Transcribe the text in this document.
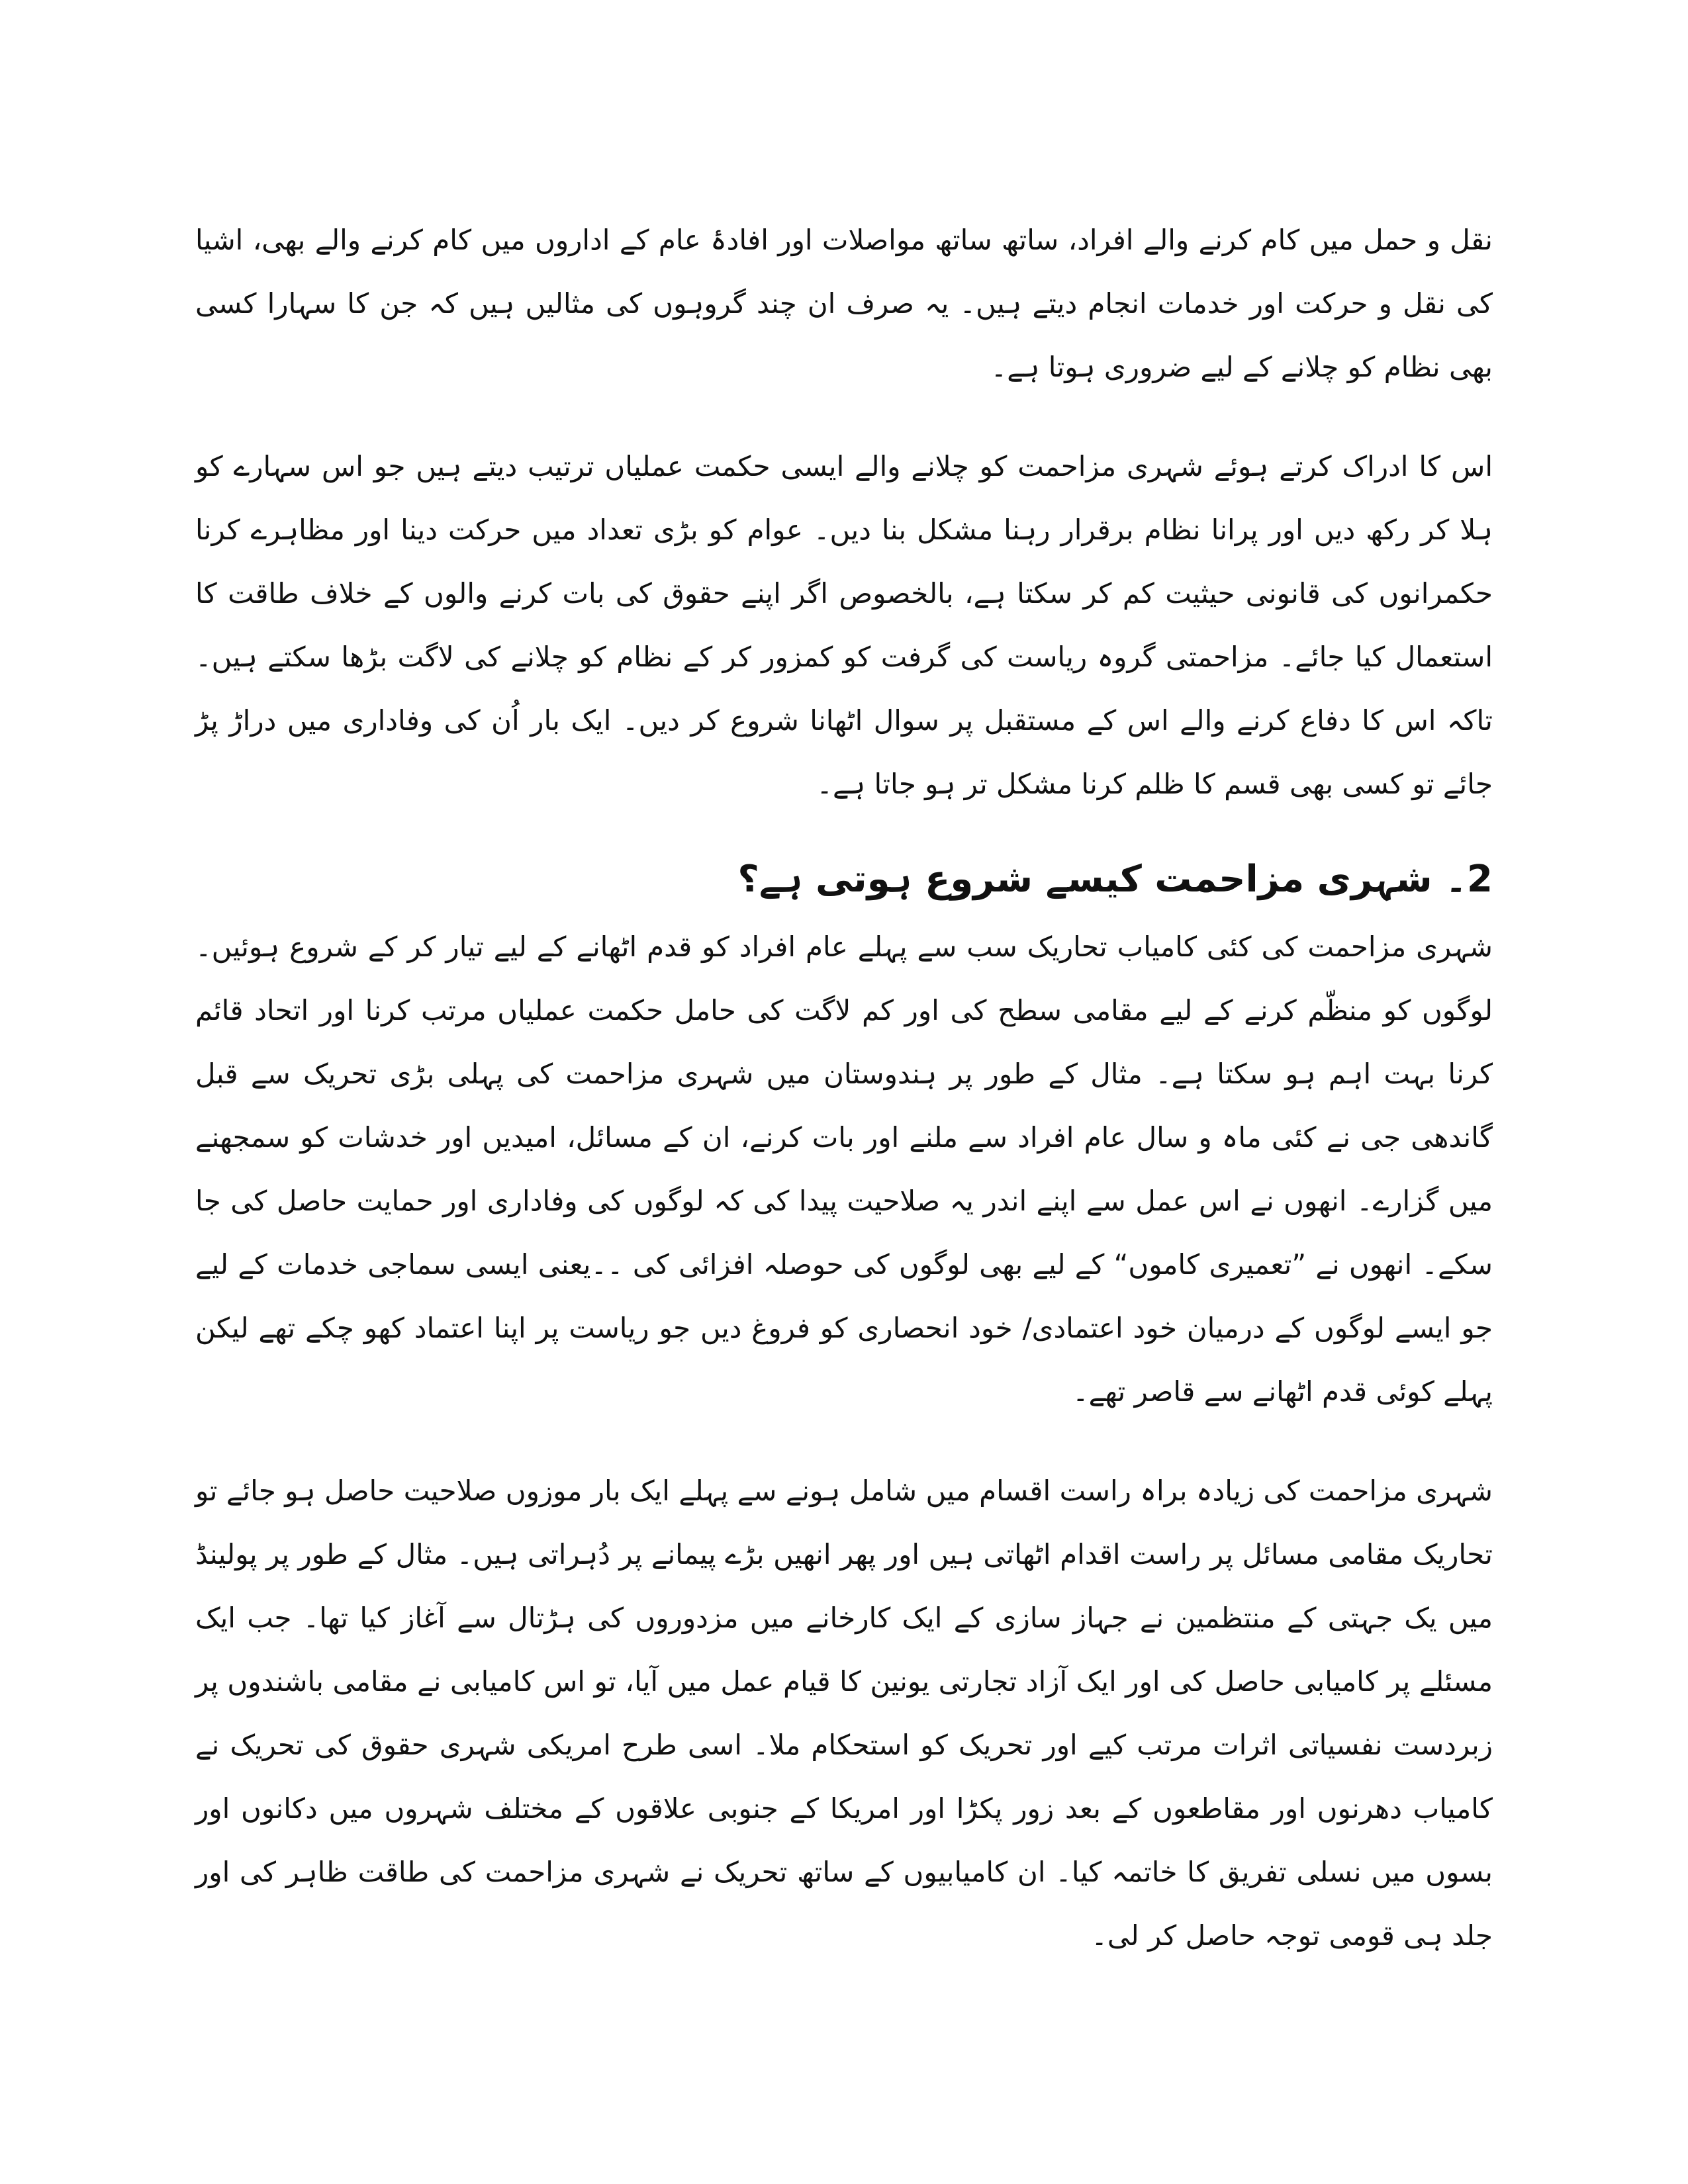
نقل و حمل میں کام کرنے والے افراد، ساتھ ساتھ مواصلات اور افادۂ عام کے اداروں میں کام کرنے والے بھی، اشیا کی نقل و حرکت اور خدمات انجام دیتے ہیں۔ یہ صرف ان چند گروہوں کی مثالیں ہیں کہ جن کا سہارا کسی بھی نظام کو چلانے کے لیے ضروری ہوتا ہے۔

اس کا ادراک کرتے ہوئے شہری مزاحمت کو چلانے والے ایسی حکمت عملیاں ترتیب دیتے ہیں جو اس سہارے کو ہلا کر رکھ دیں اور پرانا نظام برقرار رہنا مشکل بنا دیں۔ عوام کو بڑی تعداد میں حرکت دینا اور مظاہرے کرنا حکمرانوں کی قانونی حیثیت کم کر سکتا ہے، بالخصوص اگر اپنے حقوق کی بات کرنے والوں کے خلاف طاقت کا استعمال کیا جائے۔ مزاحمتی گروہ ریاست کی گرفت کو کمزور کر کے نظام کو چلانے کی لاگت بڑھا سکتے ہیں۔ تاکہ اس کا دفاع کرنے والے اس کے مستقبل پر سوال اٹھانا شروع کر دیں۔ ایک بار اُن کی وفاداری میں دراڑ پڑ جائے تو کسی بھی قسم کا ظلم کرنا مشکل تر ہو جاتا ہے۔

2۔ شہری مزاحمت کیسے شروع ہوتی ہے؟

شہری مزاحمت کی کئی کامیاب تحاریک سب سے پہلے عام افراد کو قدم اٹھانے کے لیے تیار کر کے شروع ہوئیں۔ لوگوں کو منظّم کرنے کے لیے مقامی سطح کی اور کم لاگت کی حامل حکمت عملیاں مرتب کرنا اور اتحاد قائم کرنا بہت اہم ہو سکتا ہے۔ مثال کے طور پر ہندوستان میں شہری مزاحمت کی پہلی بڑی تحریک سے قبل گاندھی جی نے کئی ماہ و سال عام افراد سے ملنے اور بات کرنے، ان کے مسائل، امیدیں اور خدشات کو سمجھنے میں گزارے۔ انھوں نے اس عمل سے اپنے اندر یہ صلاحیت پیدا کی کہ لوگوں کی وفاداری اور حمایت حاصل کی جا سکے۔ انھوں نے ”تعمیری کاموں“ کے لیے بھی لوگوں کی حوصلہ افزائی کی ۔۔یعنی ایسی سماجی خدمات کے لیے جو ایسے لوگوں کے درمیان خود اعتمادی/ خود انحصاری کو فروغ دیں جو ریاست پر اپنا اعتماد کھو چکے تھے لیکن پہلے کوئی قدم اٹھانے سے قاصر تھے۔

شہری مزاحمت کی زیادہ براہ راست اقسام میں شامل ہونے سے پہلے ایک بار موزوں صلاحیت حاصل ہو جائے تو تحاریک مقامی مسائل پر راست اقدام اٹھاتی ہیں اور پھر انھیں بڑے پیمانے پر دُہراتی ہیں۔ مثال کے طور پر پولینڈ میں یک جہتی کے منتظمین نے جہاز سازی کے ایک کارخانے میں مزدوروں کی ہڑتال سے آغاز کیا تھا۔ جب ایک مسئلے پر کامیابی حاصل کی اور ایک آزاد تجارتی یونین کا قیام عمل میں آیا، تو اس کامیابی نے مقامی باشندوں پر زبردست نفسیاتی اثرات مرتب کیے اور تحریک کو استحکام ملا۔ اسی طرح امریکی شہری حقوق کی تحریک نے کامیاب دھرنوں اور مقاطعوں کے بعد زور پکڑا اور امریکا کے جنوبی علاقوں کے مختلف شہروں میں دکانوں اور بسوں میں نسلی تفریق کا خاتمہ کیا۔ ان کامیابیوں کے ساتھ تحریک نے شہری مزاحمت کی طاقت ظاہر کی اور جلد ہی قومی توجہ حاصل کر لی۔
